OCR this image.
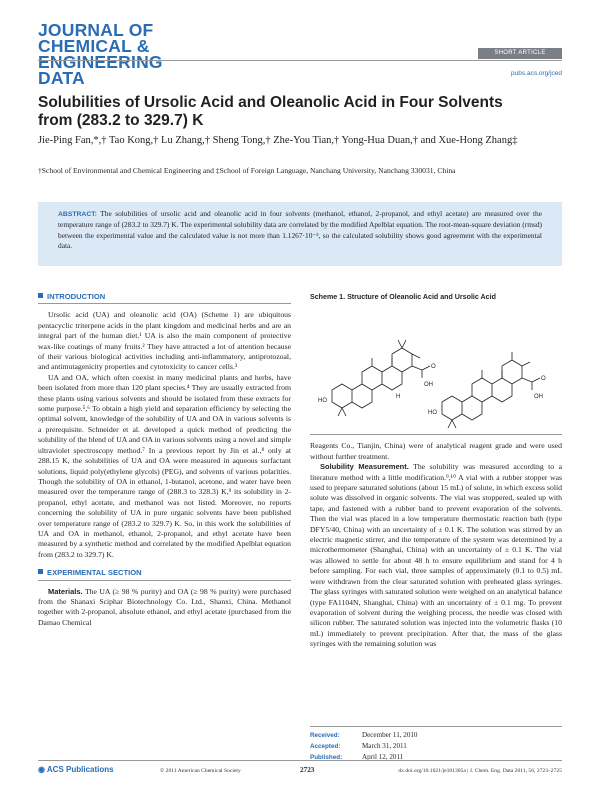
JOURNAL OF
CHEMICAL &
ENGINEERING
DATA
SHORT ARTICLE
pubs.acs.org/jced
Solubilities of Ursolic Acid and Oleanolic Acid in Four Solvents from (283.2 to 329.7) K
Jie-Ping Fan,*,† Tao Kong,† Lu Zhang,† Sheng Tong,† Zhe-You Tian,† Yong-Hua Duan,† and Xue-Hong Zhang‡
†School of Environmental and Chemical Engineering and ‡School of Foreign Language, Nanchang University, Nanchang 330031, China
ABSTRACT: The solubilities of ursolic acid and oleanolic acid in four solvents (methanol, ethanol, 2-propanol, and ethyl acetate) are measured over the temperature range of (283.2 to 329.7) K. The experimental solubility data are correlated by the modified Apelblat equation. The root-mean-square deviation (rmsd) between the experimental value and the calculated value is not more than 1.1267·10⁻³, so the calculated solubility shows good agreement with the experimental data.
INTRODUCTION

Ursolic acid (UA) and oleanolic acid (OA) (Scheme 1) are ubiquitous pentacyclic triterpene acids in the plant kingdom and medicinal herbs and are an integral part of the human diet.¹ UA is also the main component of protective wax-like coatings of many fruits.² They have attracted a lot of attention because of their various biological activities including anti-inflammatory, antiprotozoal, and antimutagenicity properties and cytotoxicity to cancer cells.³

UA and OA, which often coexist in many medicinal plants and herbs, have been isolated from more than 120 plant species.⁴ They are usually extracted from these plants using various solvents and should be isolated from these extracts for some purpose.⁵,⁶ To obtain a high yield and separation efficiency by selecting the optimal solvent, knowledge of the solubility of UA and OA in various solvents is a prerequisite. Schneider et al. developed a quick method of predicting the solubility of the blend of UA and OA in various solvents using a novel and simple ultraviolet spectroscopy method.⁷ In a previous report by Jin et al.,⁸ only at 288.15 K, the solubilities of UA and OA were measured in aqueous surfactant solutions, liquid poly(ethylene glycols) (PEG), and solvents of various polarities. Though the solubility of OA in ethanol, 1-butanol, acetone, and water have been measured over the temperature range of (288.3 to 328.3) K,⁹ its solubility in 2-propanol, ethyl acetate, and methanol was not listed. Moreover, no reports concerning the solubility of UA in pure organic solvents have been published over temperature range of (283.2 to 329.7) K. So, in this work the solubilities of UA and OA in methanol, ethanol, 2-propanol, and ethyl acetate have been measured by a synthetic method and correlated by the modified Apelblat equation from (283.2 to 329.7) K.

EXPERIMENTAL SECTION

Materials. The UA (≥ 98 % purity) and OA (≥ 98 % purity) were purchased from the Shanaxi Sciphar Biotechnology Co. Ltd., Shanxi, China. Methanol together with 2-propanol, absolute ethanol, and ethyl acetate (purchased from the Damao Chemical

Scheme 1. Structure of Oleanolic Acid and Ursolic Acid

OH
O
HO
OH
O
HO
H

Reagents Co., Tianjin, China) were of analytical reagent grade and were used without further treatment.

Solubility Measurement. The solubility was measured according to a literature method with a little modification.⁹,¹⁰ A vial with a rubber stopper was used to prepare saturated solutions (about 15 mL) of solute, in which excess solid solute was dissolved in organic solvents. The vial was stoppered, sealed up with tape, and fastened with a rubber band to prevent evaporation of the solvents. Then the vial was placed in a low temperature thermostatic reaction bath (type DFY5/40, China) with an uncertainty of ± 0.1 K. The solution was stirred by an electric magnetic stirrer, and the temperature of the system was determined by a microthermometer (Shanghai, China) with an uncertainty of ± 0.1 K. The vial was allowed to settle for about 48 h to ensure equilibrium and stand for 4 h before sampling. For each vial, three samples of approximately (0.1 to 0.5) mL were withdrawn from the clear saturated solution with preheated glass syringes. The glass syringes with saturated solution were weighed on an analytical balance (type FA1104N, Shanghai, China) with an uncertainty of ± 0.1 mg. To prevent evaporation of solvent during the weighing process, the needle was closed with silicon rubber. The saturated solution was injected into the volumetric flasks (10 mL) immediately to prevent precipitation. After that, the mass of the glass syringes with the remaining solution was

Received:	December 11, 2010
Accepted:	March 31, 2011
Published:	April 12, 2011
◉ ACS Publications	© 2011 American Chemical Society	2723	dx.doi.org/10.1021/je101305a | J. Chem. Eng. Data 2011, 56, 2723–2725
